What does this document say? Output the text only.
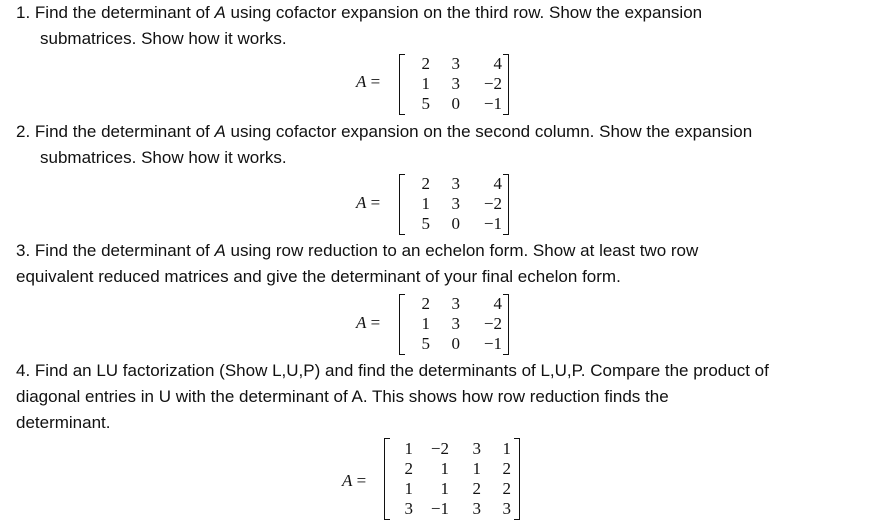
1. Find the determinant of A using cofactor expansion on the third row. Show the expansion
submatrices. Show how it works.
A =
2	3	4
1	3	−2
5	0	−1
2. Find the determinant of A using cofactor expansion on the second column. Show the expansion
submatrices. Show how it works.
A =
2	3	4
1	3	−2
5	0	−1
3. Find the determinant of A using row reduction to an echelon form. Show at least two row
equivalent reduced matrices and give the determinant of your final echelon form.
A =
2	3	4
1	3	−2
5	0	−1
4. Find an LU factorization (Show L,U,P) and find the determinants of L,U,P. Compare the product of
diagonal entries in U with the determinant of A. This shows how row reduction finds the
determinant.
A =
1	−2	3	1
2	1	1	2
1	1	2	2
3	−1	3	3
